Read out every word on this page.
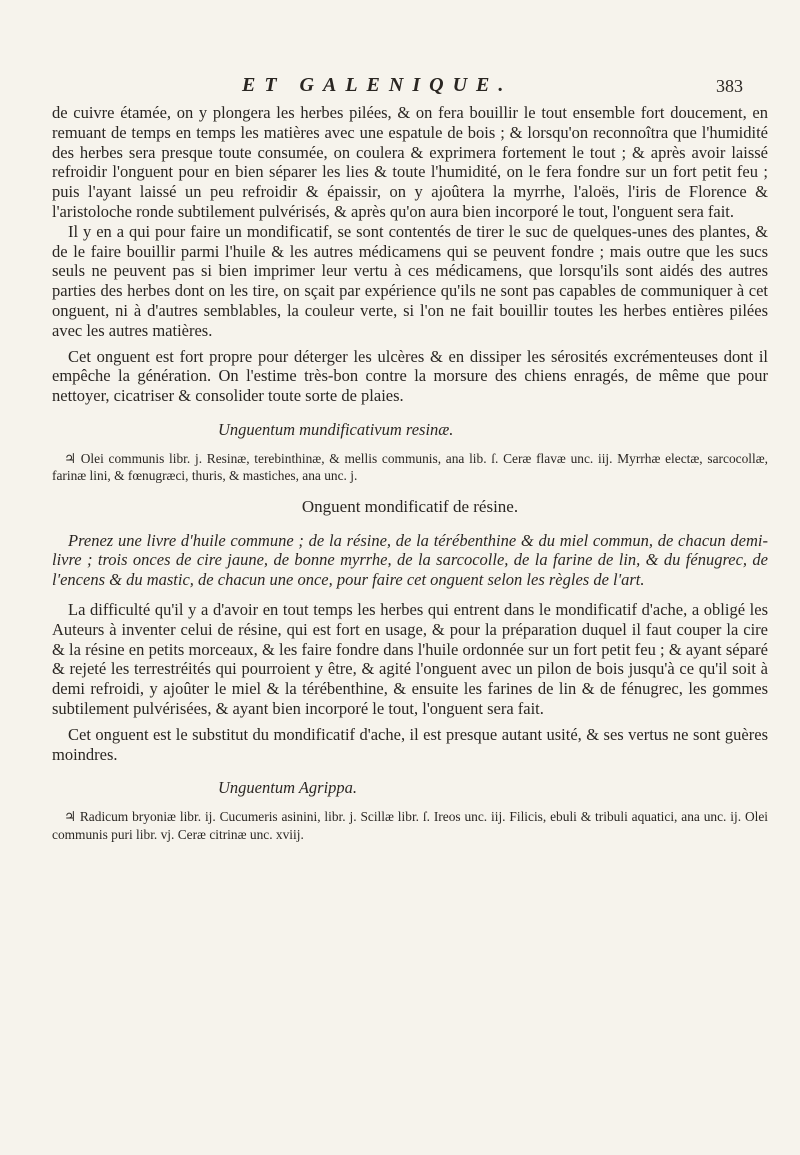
ET GALENIQUE.	383

de cuivre étamée, on y plongera les herbes pilées, & on fera bouillir le tout ensemble fort doucement, en remuant de temps en temps les matières avec une espatule de bois ; & lorsqu'on reconnoîtra que l'humidité des herbes sera presque toute consumée, on coulera & exprimera fortement le tout ; & après avoir laissé refroidir l'onguent pour en bien séparer les lies & toute l'humidité, on le fera fondre sur un fort petit feu ; puis l'ayant laissé un peu refroidir & épaissir, on y ajoûtera la myrrhe, l'aloës, l'iris de Florence & l'aristoloche ronde subtilement pulvérisés, & après qu'on aura bien incorporé le tout, l'onguent sera fait.

Il y en a qui pour faire un mondificatif, se sont contentés de tirer le suc de quelques-unes des plantes, & de le faire bouillir parmi l'huile & les autres médicamens qui se peuvent fondre ; mais outre que les sucs seuls ne peuvent pas si bien imprimer leur vertu à ces médicamens, que lorsqu'ils sont aidés des autres parties des herbes dont on les tire, on sçait par expérience qu'ils ne sont pas capables de communiquer à cet onguent, ni à d'autres semblables, la couleur verte, si l'on ne fait bouillir toutes les herbes entières pilées avec les autres matières.

Cet onguent est fort propre pour déterger les ulcères & en dissiper les sérosités excrémenteuses dont il empêche la génération. On l'estime très-bon contre la morsure des chiens enragés, de même que pour nettoyer, cicatriser & consolider toute sorte de plaies.

Unguentum mundificativum resinæ.

♃ Olei communis libr. j. Resinæ, terebinthinæ, & mellis communis, ana lib. ſ. Ceræ flavæ unc. iij. Myrrhæ electæ, sarcocollæ, farinæ lini, & fœnugræci, thuris, & mastiches, ana unc. j.

Onguent mondificatif de résine.

Prenez une livre d'huile commune ; de la résine, de la térébenthine & du miel commun, de chacun demi-livre ; trois onces de cire jaune, de bonne myrrhe, de la sarcocolle, de la farine de lin, & du fénugrec, de l'encens & du mastic, de chacun une once, pour faire cet onguent selon les règles de l'art.

La difficulté qu'il y a d'avoir en tout temps les herbes qui entrent dans le mondificatif d'ache, a obligé les Auteurs à inventer celui de résine, qui est fort en usage, & pour la préparation duquel il faut couper la cire & la résine en petits morceaux, & les faire fondre dans l'huile ordonnée sur un fort petit feu ; & ayant séparé & rejeté les terrestréités qui pourroient y être, & agité l'onguent avec un pilon de bois jusqu'à ce qu'il soit à demi refroidi, y ajoûter le miel & la térébenthine, & ensuite les farines de lin & de fénugrec, les gommes subtilement pulvérisées, & ayant bien incorporé le tout, l'onguent sera fait.

Cet onguent est le substitut du mondificatif d'ache, il est presque autant usité, & ses vertus ne sont guères moindres.

Unguentum Agrippa.

♃ Radicum bryoniæ libr. ij. Cucumeris asinini, libr. j. Scillæ libr. ſ. Ireos unc. iij. Filicis, ebuli & tribuli aquatici, ana unc. ij. Olei communis puri libr. vj. Ceræ citrinæ unc. xviij.
